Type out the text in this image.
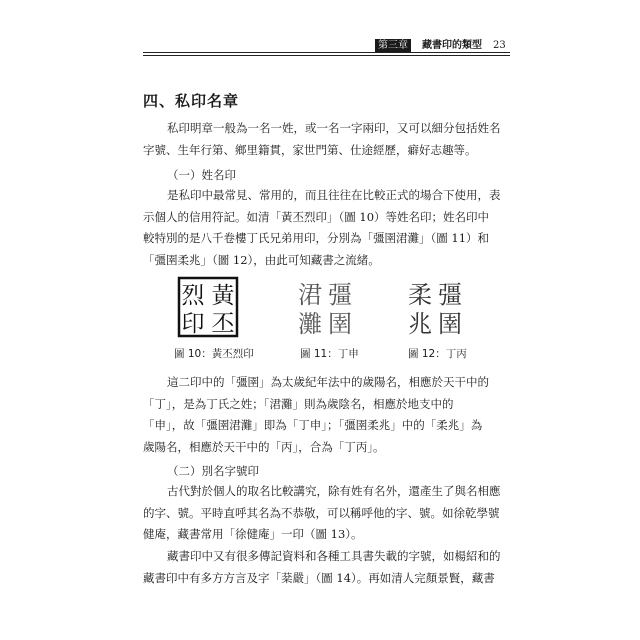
第三章	藏書印的類型 23
四、私印名章
私印明章一般為一名一姓，或一名一字兩印，又可以細分包括姓名
字號、生年行第、鄉里籍貫，家世門第、仕途經歷，癖好志趣等。
（一）姓名印
是私印中最常見、常用的，而且往往在比較正式的場合下使用，表
示個人的信用符記。如清「黃丕烈印」（圖 10）等姓名印；姓名印中
較特別的是八千卷樓丁氏兄弟用印，分別為「彊圉涒灘」（圖 11）和
「彊圉柔兆」（圖 12），由此可知藏書之流緒。
黃
丕
烈
印
圖 10：黃丕烈印
彊
圉
涒
灘
圖 11：丁申
彊
圉
柔
兆
圖 12：丁丙
這二印中的「彊圉」為太歲紀年法中的歲陽名，相應於天干中的
「丁」，是為丁氏之姓；「涒灘」則為歲陰名，相應於地支中的
「申」，故「彊圉涒灘」即為「丁申」；「彊圉柔兆」中的「柔兆」為
歲陽名，相應於天干中的「丙」，合為「丁丙」。
（二）別名字號印
古代對於個人的取名比較講究，除有姓有名外，還產生了與名相應
的字、號。平時直呼其名為不恭敬，可以稱呼他的字、號。如徐乾學號
健庵，藏書常用「徐健庵」一印（圖 13）。
藏書印中又有很多傳記資料和各種工具書失載的字號，如楊紹和的
藏書印中有多方方言及字「棻嚴」（圖 14）。再如清人完顏景賢，藏書
